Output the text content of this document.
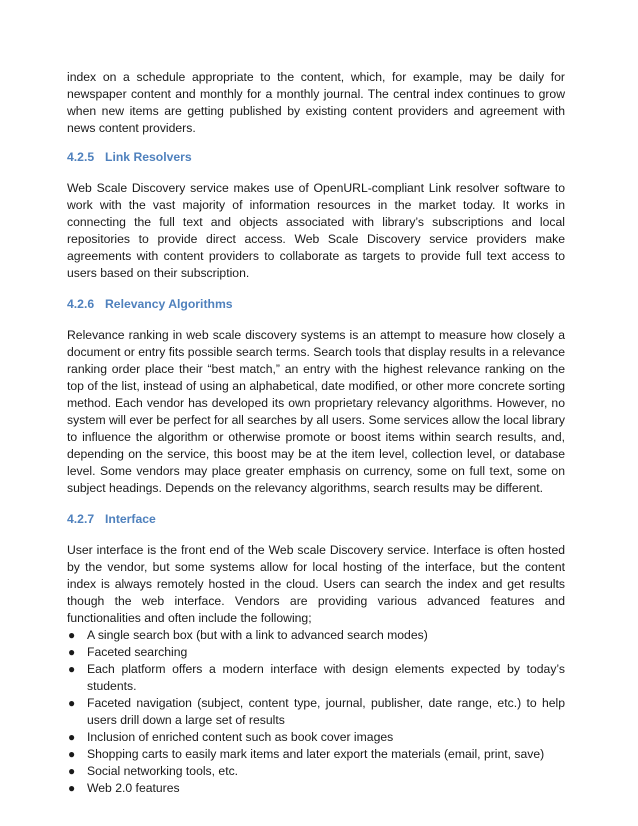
index on a schedule appropriate to the content, which, for example, may be daily for newspaper content and monthly for a monthly journal. The central index continues to grow when new items are getting published by existing content providers and agreement with news content providers.

4.2.5 Link Resolvers

Web Scale Discovery service makes use of OpenURL-compliant Link resolver software to work with the vast majority of information resources in the market today. It works in connecting the full text and objects associated with library’s subscriptions and local repositories to provide direct access. Web Scale Discovery service providers make agreements with content providers to collaborate as targets to provide full text access to users based on their subscription.

4.2.6 Relevancy Algorithms

Relevance ranking in web scale discovery systems is an attempt to measure how closely a document or entry fits possible search terms. Search tools that display results in a relevance ranking order place their “best match,” an entry with the highest relevance ranking on the top of the list, instead of using an alphabetical, date modified, or other more concrete sorting method. Each vendor has developed its own proprietary relevancy algorithms. However, no system will ever be perfect for all searches by all users. Some services allow the local library to influence the algorithm or otherwise promote or boost items within search results, and, depending on the service, this boost may be at the item level, collection level, or database level. Some vendors may place greater emphasis on currency, some on full text, some on subject headings. Depends on the relevancy algorithms, search results may be different.

4.2.7 Interface

User interface is the front end of the Web scale Discovery service. Interface is often hosted by the vendor, but some systems allow for local hosting of the interface, but the content index is always remotely hosted in the cloud. Users can search the index and get results though the web interface. Vendors are providing various advanced features and functionalities and often include the following;

● A single search box (but with a link to advanced search modes)
● Faceted searching
● Each platform offers a modern interface with design elements expected by today’s students.
● Faceted navigation (subject, content type, journal, publisher, date range, etc.) to help users drill down a large set of results
● Inclusion of enriched content such as book cover images
● Shopping carts to easily mark items and later export the materials (email, print, save)
● Social networking tools, etc.
● Web 2.0 features
